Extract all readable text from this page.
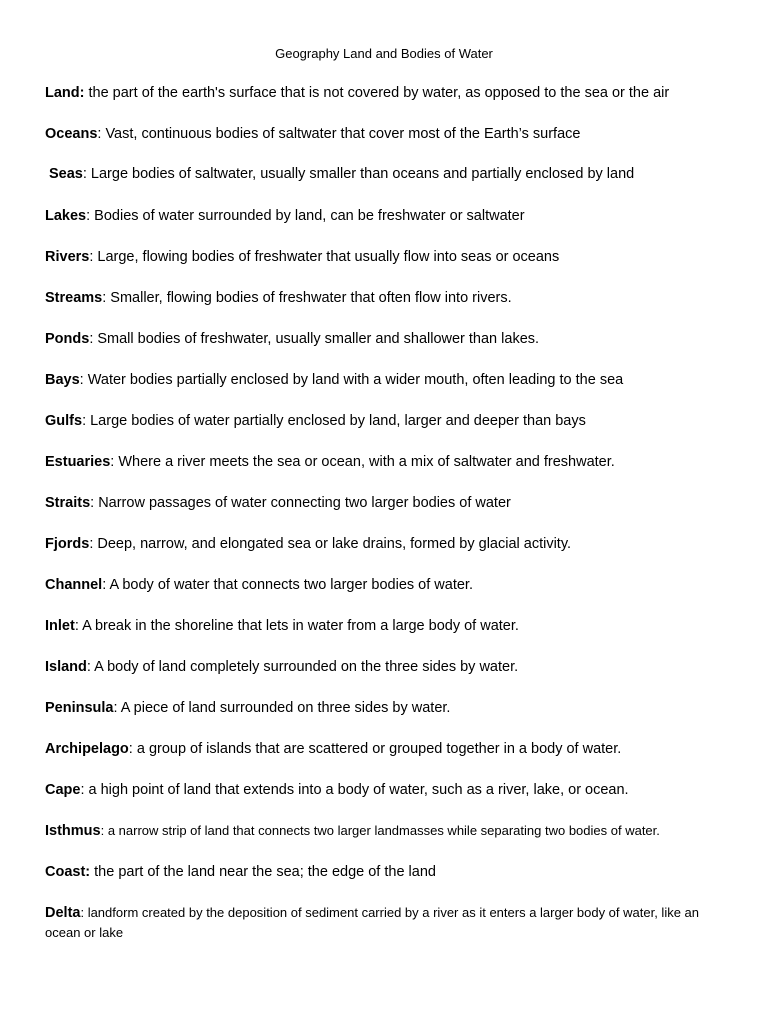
Geography Land and Bodies of Water
Land: the part of the earth's surface that is not covered by water, as opposed to the sea or the air
Oceans: Vast, continuous bodies of saltwater that cover most of the Earth’s surface
Seas: Large bodies of saltwater, usually smaller than oceans and partially enclosed by land
Lakes: Bodies of water surrounded by land, can be freshwater or saltwater
Rivers: Large, flowing bodies of freshwater that usually flow into seas or oceans
Streams: Smaller, flowing bodies of freshwater that often flow into rivers.
Ponds: Small bodies of freshwater, usually smaller and shallower than lakes.
Bays: Water bodies partially enclosed by land with a wider mouth, often leading to the sea
Gulfs: Large bodies of water partially enclosed by land, larger and deeper than bays
Estuaries: Where a river meets the sea or ocean, with a mix of saltwater and freshwater.
Straits: Narrow passages of water connecting two larger bodies of water
Fjords: Deep, narrow, and elongated sea or lake drains, formed by glacial activity.
Channel: A body of water that connects two larger bodies of water.
Inlet: A break in the shoreline that lets in water from a large body of water.
Island: A body of land completely surrounded on the three sides by water.
Peninsula: A piece of land surrounded on three sides by water.
Archipelago: a group of islands that are scattered or grouped together in a body of water.
Cape: a high point of land that extends into a body of water, such as a river, lake, or ocean.
Isthmus: a narrow strip of land that connects two larger landmasses while separating two bodies of water.
Coast: the part of the land near the sea; the edge of the land
Delta: landform created by the deposition of sediment carried by a river as it enters a larger body of water, like an ocean or lake
